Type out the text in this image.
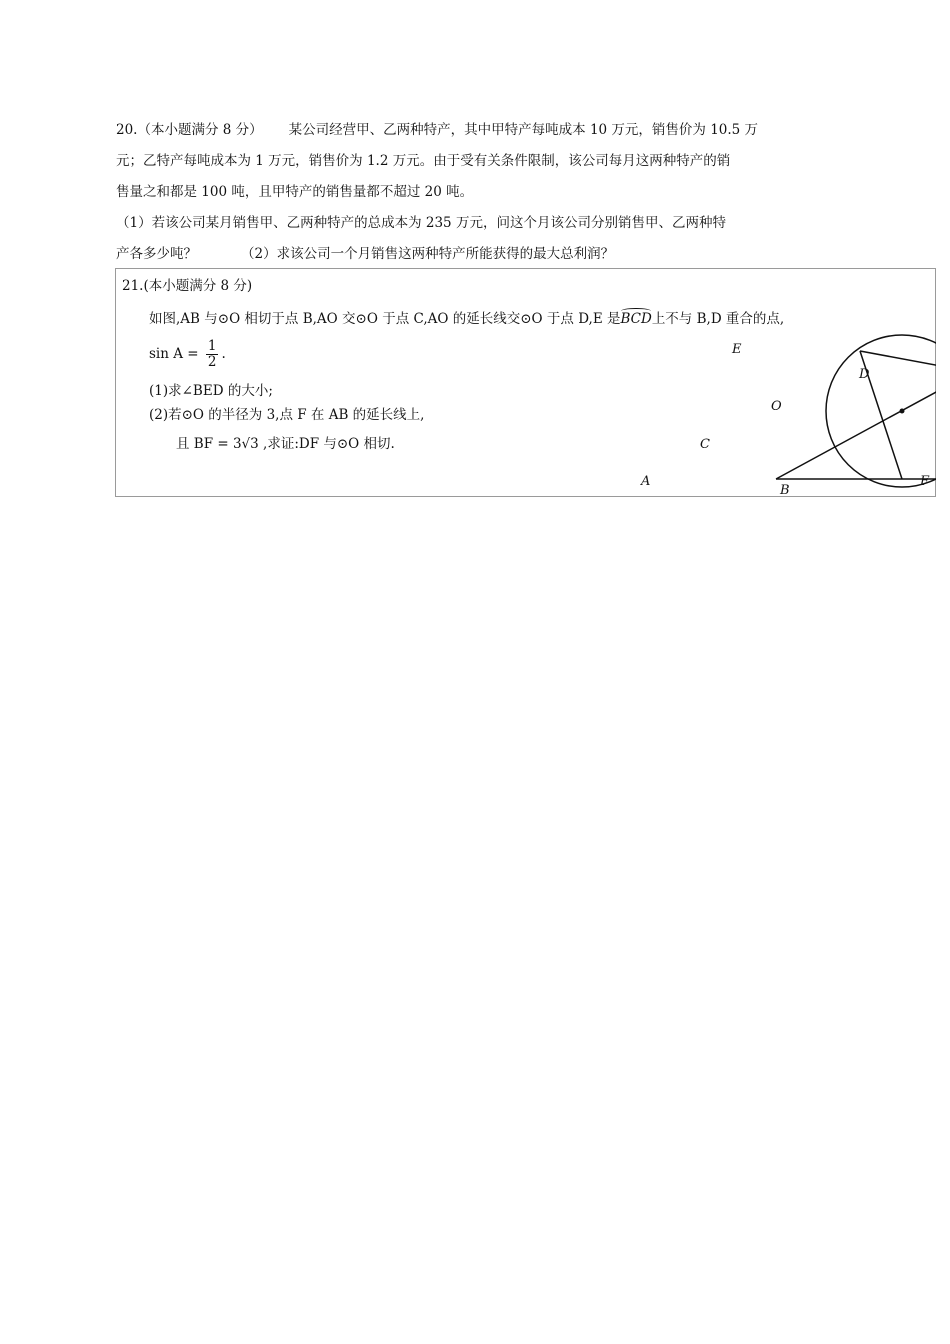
20.（本小题满分 8 分） 某公司经营甲、乙两种特产，其中甲特产每吨成本 10 万元，销售价为 10.5 万
元；乙特产每吨成本为 1 万元，销售价为 1.2 万元。由于受有关条件限制，该公司每月这两种特产的销
售量之和都是 100 吨，且甲特产的销售量都不超过 20 吨。
（1）若该公司某月销售甲、乙两种特产的总成本为 235 万元，问这个月该公司分别销售甲、乙两种特
产各多少吨？	（2）求该公司一个月销售这两种特产所能获得的最大总利润？
21.(本小题满分 8 分)
如图,AB 与⊙O 相切于点 B,AO 交⊙O 于点 C,AO 的延长线交⊙O 于点 D,E 是BCD上不与 B,D 重合的点,
$\sin A = \frac{1}{2}$ .
(1)求∠BED 的大小;
(2)若⊙O 的半径为 3,点 F 在 AB 的延长线上,
且 BF = 3√3 ,求证:DF 与⊙O 相切.
A
B
C
D
E
F
O
